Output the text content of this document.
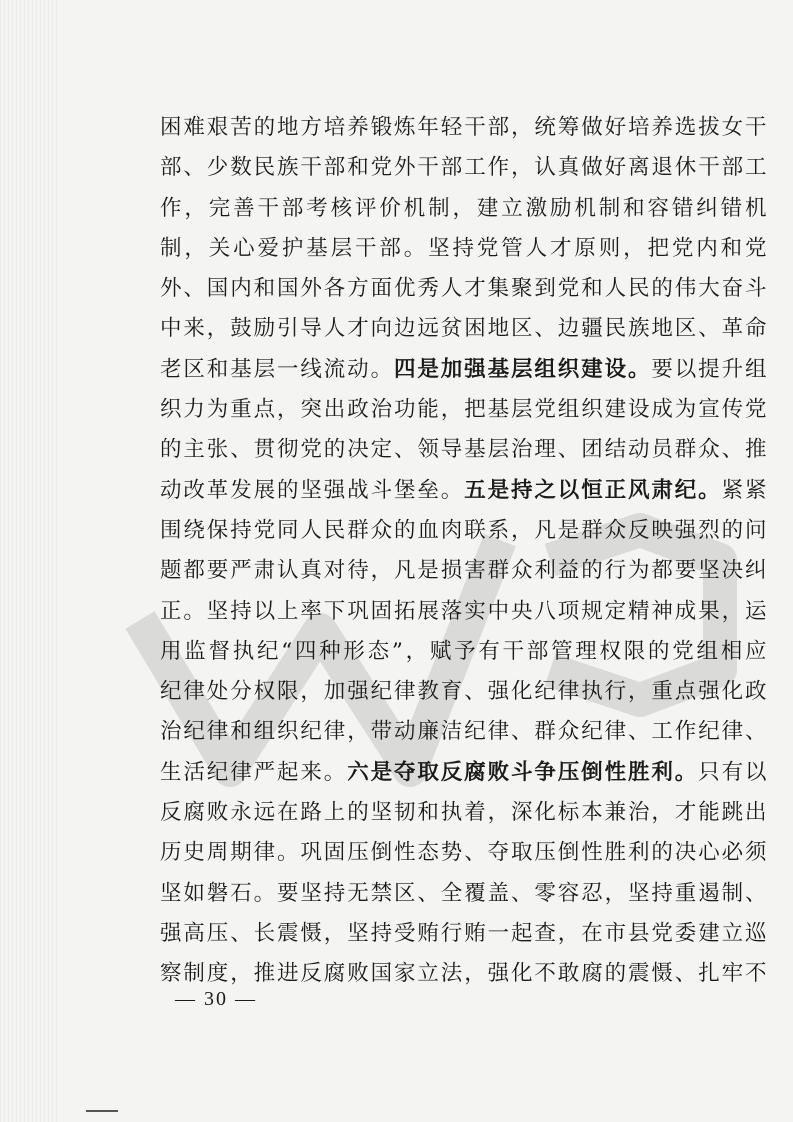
困难艰苦的地方培养锻炼年轻干部，统筹做好培养选拔女干
部、少数民族干部和党外干部工作，认真做好离退休干部工
作，完善干部考核评价机制，建立激励机制和容错纠错机
制，关心爱护基层干部。坚持党管人才原则，把党内和党
外、国内和国外各方面优秀人才集聚到党和人民的伟大奋斗
中来，鼓励引导人才向边远贫困地区、边疆民族地区、革命
老区和基层一线流动。四是加强基层组织建设。要以提升组
织力为重点，突出政治功能，把基层党组织建设成为宣传党
的主张、贯彻党的决定、领导基层治理、团结动员群众、推
动改革发展的坚强战斗堡垒。五是持之以恒正风肃纪。紧紧
围绕保持党同人民群众的血肉联系，凡是群众反映强烈的问
题都要严肃认真对待，凡是损害群众利益的行为都要坚决纠
正。坚持以上率下巩固拓展落实中央八项规定精神成果，运
用监督执纪“四种形态”，赋予有干部管理权限的党组相应
纪律处分权限，加强纪律教育、强化纪律执行，重点强化政
治纪律和组织纪律，带动廉洁纪律、群众纪律、工作纪律、
生活纪律严起来。六是夺取反腐败斗争压倒性胜利。只有以
反腐败永远在路上的坚韧和执着，深化标本兼治，才能跳出
历史周期律。巩固压倒性态势、夺取压倒性胜利的决心必须
坚如磐石。要坚持无禁区、全覆盖、零容忍，坚持重遏制、
强高压、长震慑，坚持受贿行贿一起查，在市县党委建立巡
察制度，推进反腐败国家立法，强化不敢腐的震慑、扎牢不
— 30 —
